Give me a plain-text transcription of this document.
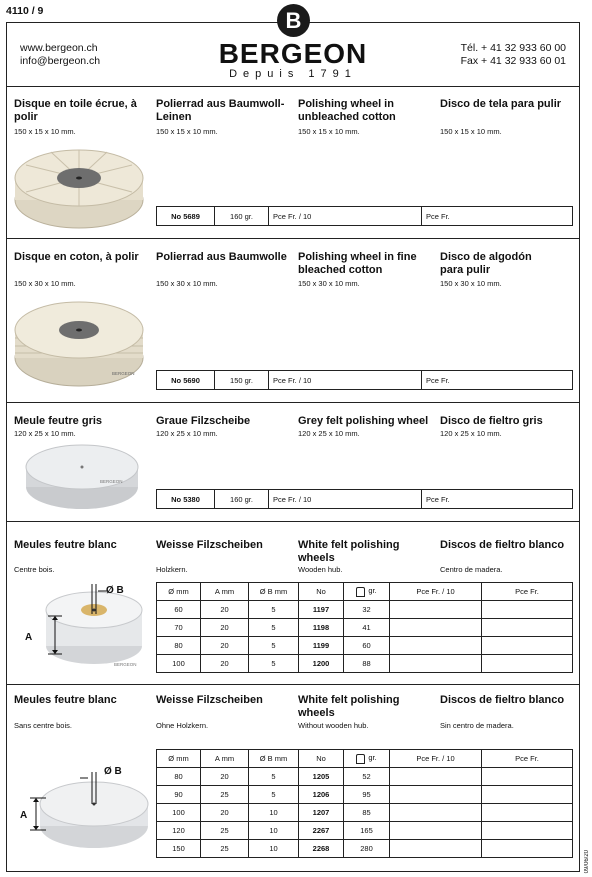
4110 / 9
www.bergeon.ch
info@bergeon.ch
B
BERGEON
Depuis 1791
Tél. + 41 32 933 60 00
Fax + 41 32 933 60 01
Disque en toile écrue, à polir
Polierrad aus Baumwoll-Leinen
Polishing wheel in unbleached cotton
Disco de tela para pulir
150 x 15 x 10 mm.	150 x 15 x 10 mm.	150 x 15 x 10 mm.	150 x 15 x 10 mm.
No 5689	160 gr.	Pce Fr. / 10	Pce Fr.
Disque en coton, à polir	Polierrad aus Baumwolle	Polishing wheel in fine bleached cotton
Disco de algodón para pulir
150 x 30 x 10 mm.	150 x 30 x 10 mm.	150 x 30 x 10 mm.	150 x 30 x 10 mm.
BERGEON
No 5690	150 gr.	Pce Fr. / 10	Pce Fr.
Meule feutre gris	Graue Filzscheibe	Grey felt polishing wheel	Disco de fieltro gris
120 x 25 x 10 mm.	120 x 25 x 10 mm.	120 x 25 x 10 mm.	120 x 25 x 10 mm.
BERGEON
No 5380	160 gr.	Pce Fr. / 10	Pce Fr.
Meules feutre blanc	Weisse Filzscheiben	White felt polishing wheels
Discos de fieltro blanco
Centre bois.	Holzkern.	Wooden hub.	Centro de madera.
BERGEON
Ø B
A
Ø mm	A mm	Ø B mm	No	gr.	Pce Fr. / 10	Pce Fr.
60	20	5	1197	32		
70	20	5	1198	41		
80	20	5	1199	60		
100	20	5	1200	88		
Meules feutre blanc	Weisse Filzscheiben	White felt polishing wheels
Discos de fieltro blanco
Sans centre bois.	Ohne Holzkern.	Without wooden hub.	Sin centro de madera.
Ø B
A
Ø mm	A mm	Ø B mm	No	gr.	Pce Fr. / 10	Pce Fr.
80	20	5	1205	52		
90	25	5	1206	95		
100	20	10	1207	85		
120	25	10	2267	165		
150	25	10	2268	280		
09/06/20
